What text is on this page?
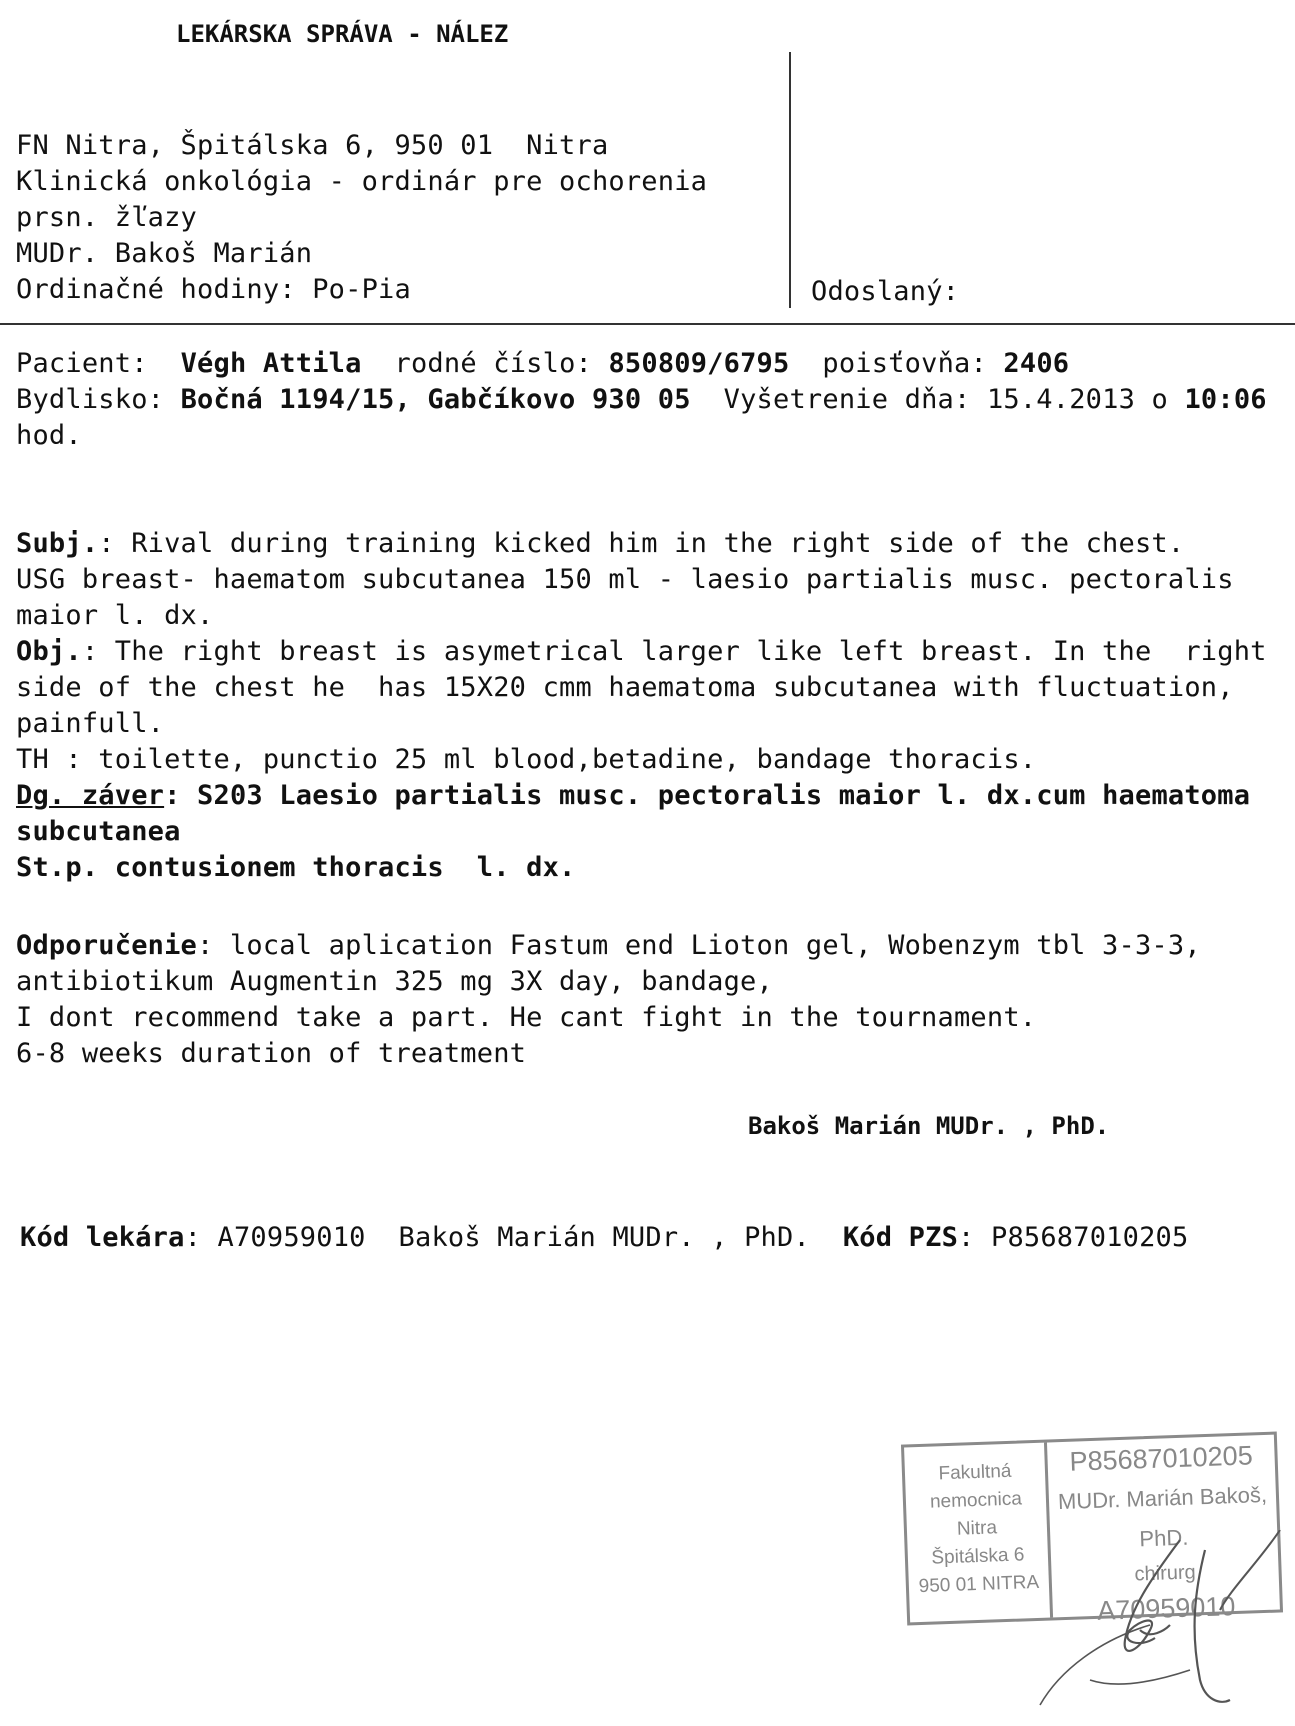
LEKÁRSKA SPRÁVA - NÁLEZ
FN Nitra, Špitálska 6, 950 01  Nitra
Klinická onkológia - ordinár pre ochorenia
prsn. žľazy
MUDr. Bakoš Marián
Ordinačné hodiny: Po-Pia	Odoslaný:
Pacient: Végh Attila rodné číslo: 850809/6795 poisťovňa: 2406
Bydlisko: Bočná 1194/15, Gabčíkovo 930 05 Vyšetrenie dňa: 15.4.2013 o 10:06
hod.
Subj.: Rival during training kicked him in the right side of the chest.
USG breast- haematom subcutanea 150 ml - laesio partialis musc. pectoralis
maior l. dx.
Obj.: The right breast is asymetrical larger like left breast. In the  right
side of the chest he  has 15X20 cmm haematoma subcutanea with fluctuation,
painfull.
TH : toilette, punctio 25 ml blood,betadine, bandage thoracis.
Dg. záver: S203 Laesio partialis musc. pectoralis maior l. dx.cum haematoma
subcutanea
St.p. contusionem thoracis  l. dx.
Odporučenie: local aplication Fastum end Lioton gel, Wobenzym tbl 3-3-3,
antibiotikum Augmentin 325 mg 3X day, bandage,
I dont recommend take a part. He cant fight in the tournament.
6-8 weeks duration of treatment
Bakoš Marián MUDr. , PhD.
Kód lekára: A70959010 Bakoš Marián MUDr. , PhD. Kód PZS: P85687010205
Fakultná nemocnica
Nitra
Špitálska 6
950 01 NITRA
P85687010205
MUDr. Marián Bakoš, PhD.
chirurg
A70959010
